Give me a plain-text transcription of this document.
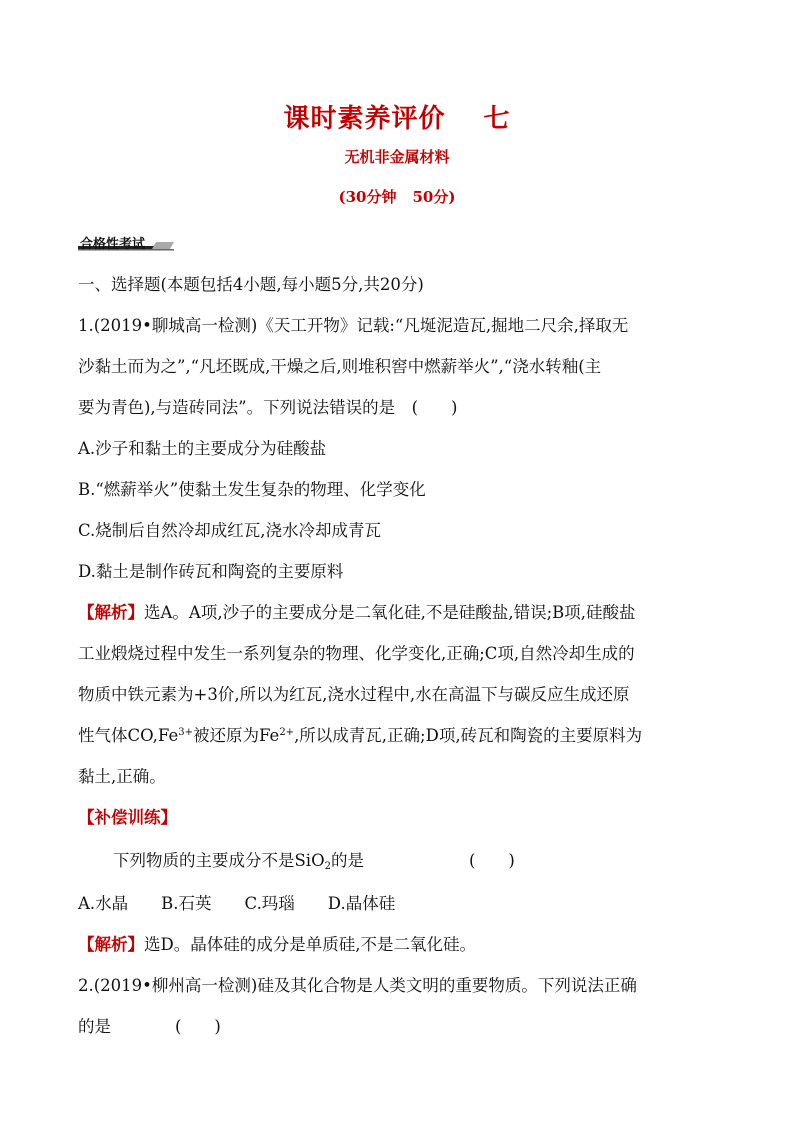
课时素养评价 七
无机非金属材料
(30分钟 50分)
合格性考试
一、选择题(本题包括4小题,每小题5分,共20分)
1.(2019•聊城高一检测)《天工开物》记载:“凡埏泥造瓦,掘地二尺余,择取无
沙黏土而为之”,“凡坯既成,干燥之后,则堆积窖中燃薪举火”,“浇水转釉(主
要为青色),与造砖同法”。下列说法错误的是　(　　)
A.沙子和黏土的主要成分为硅酸盐
B.“燃薪举火”使黏土发生复杂的物理、化学变化
C.烧制后自然冷却成红瓦,浇水冷却成青瓦
D.黏土是制作砖瓦和陶瓷的主要原料
【解析】选A。A项,沙子的主要成分是二氧化硅,不是硅酸盐,错误;B项,硅酸盐
工业煅烧过程中发生一系列复杂的物理、化学变化,正确;C项,自然冷却生成的
物质中铁元素为+3价,所以为红瓦,浇水过程中,水在高温下与碳反应生成还原
性气体$CO,Fe^{3+}$被还原为$Fe^{2+}$,所以成青瓦,正确;D项,砖瓦和陶瓷的主要原料为
黏土,正确。
【补偿训练】
下列物质的主要成分不是SiO$_2$的是	(　　)
A.水晶　　B.石英　　C.玛瑙　　D.晶体硅
【解析】选D。晶体硅的成分是单质硅,不是二氧化硅。
2.(2019•柳州高一检测)硅及其化合物是人类文明的重要物质。下列说法正确
的是	(　　)
